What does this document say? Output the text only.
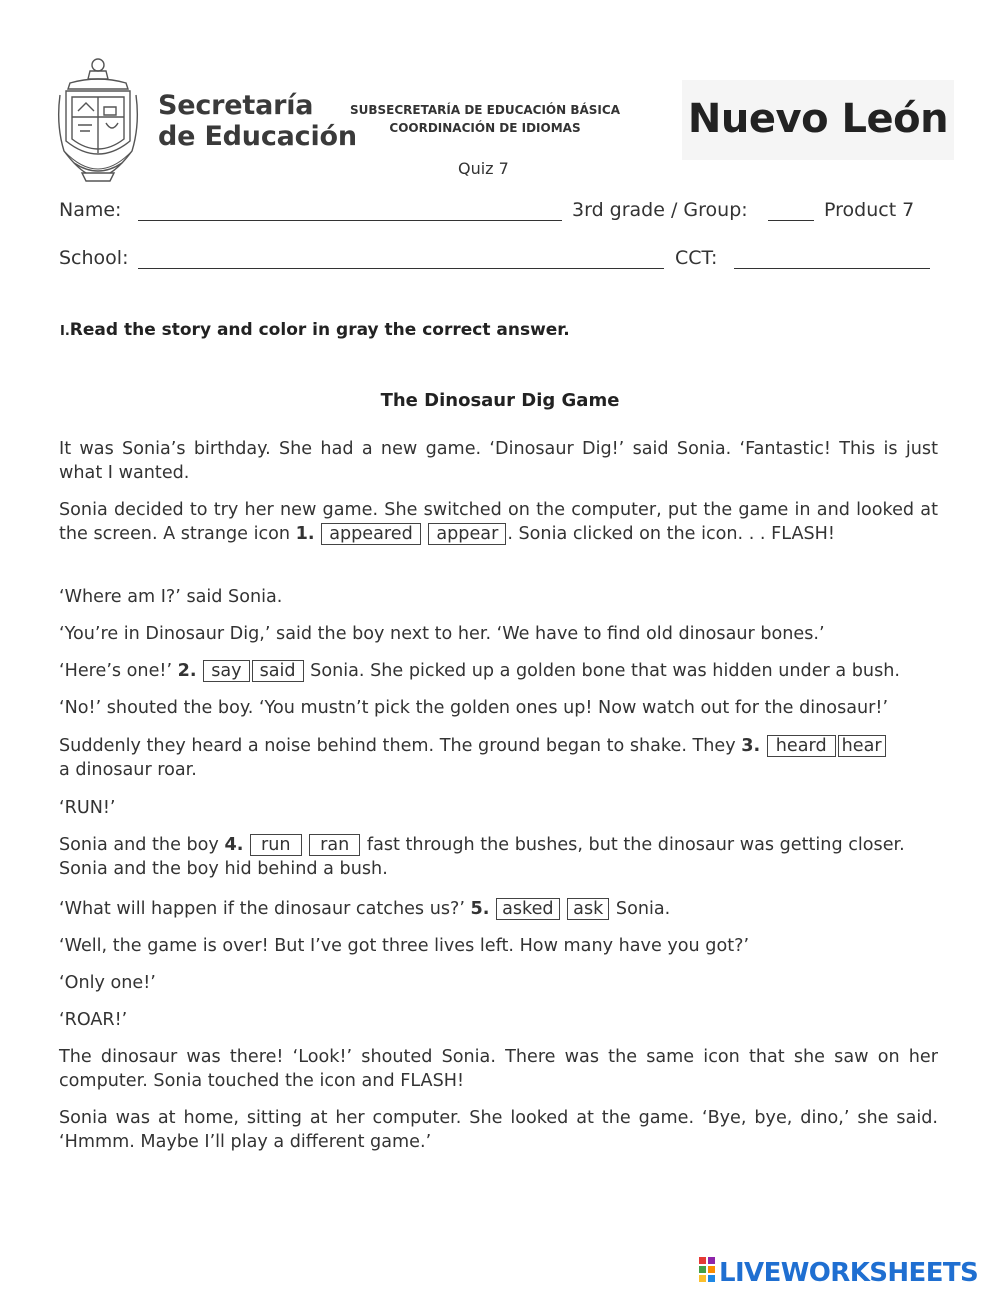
Secretaría
de Educación
SUBSECRETARÍA DE EDUCACIÓN BÁSICA
COORDINACIÓN DE IDIOMAS	Nuevo León
Quiz 7
Name:	3rd grade / Group:	Product 7
School:	CCT:
I.Read the story and color in gray the correct answer.
The Dinosaur Dig Game

It was Sonia’s birthday. She had a new game. ‘Dinosaur Dig!’ said Sonia. ‘Fantastic! This is just what I wanted.

Sonia decided to try her new game. She switched on the computer, put the game in and looked at the screen. A strange icon 1. appeared appear . Sonia clicked on the icon. . . FLASH!

‘Where am I?’ said Sonia.

‘You’re in Dinosaur Dig,’ said the boy next to her. ‘We have to find old dinosaur bones.’

‘Here’s one!’ 2. say said Sonia. She picked up a golden bone that was hidden under a bush.

‘No!’ shouted the boy. ‘You mustn’t pick the golden ones up! Now watch out for the dinosaur!’

Suddenly they heard a noise behind them. The ground began to shake. They 3. heard hear
a dinosaur roar.

‘RUN!’

Sonia and the boy 4. run ran fast through the bushes, but the dinosaur was getting closer. Sonia and the boy hid behind a bush.

‘What will happen if the dinosaur catches us?’ 5. asked ask Sonia.

‘Well, the game is over! But I’ve got three lives left. How many have you got?’

‘Only one!’

‘ROAR!’

The dinosaur was there! ‘Look!’ shouted Sonia. There was the same icon that she saw on her computer. Sonia touched the icon and FLASH!

Sonia was at home, sitting at her computer. She looked at the game. ‘Bye, bye, dino,’ she said. ‘Hmmm. Maybe I’ll play a different game.’

LIVEWORKSHEETS
